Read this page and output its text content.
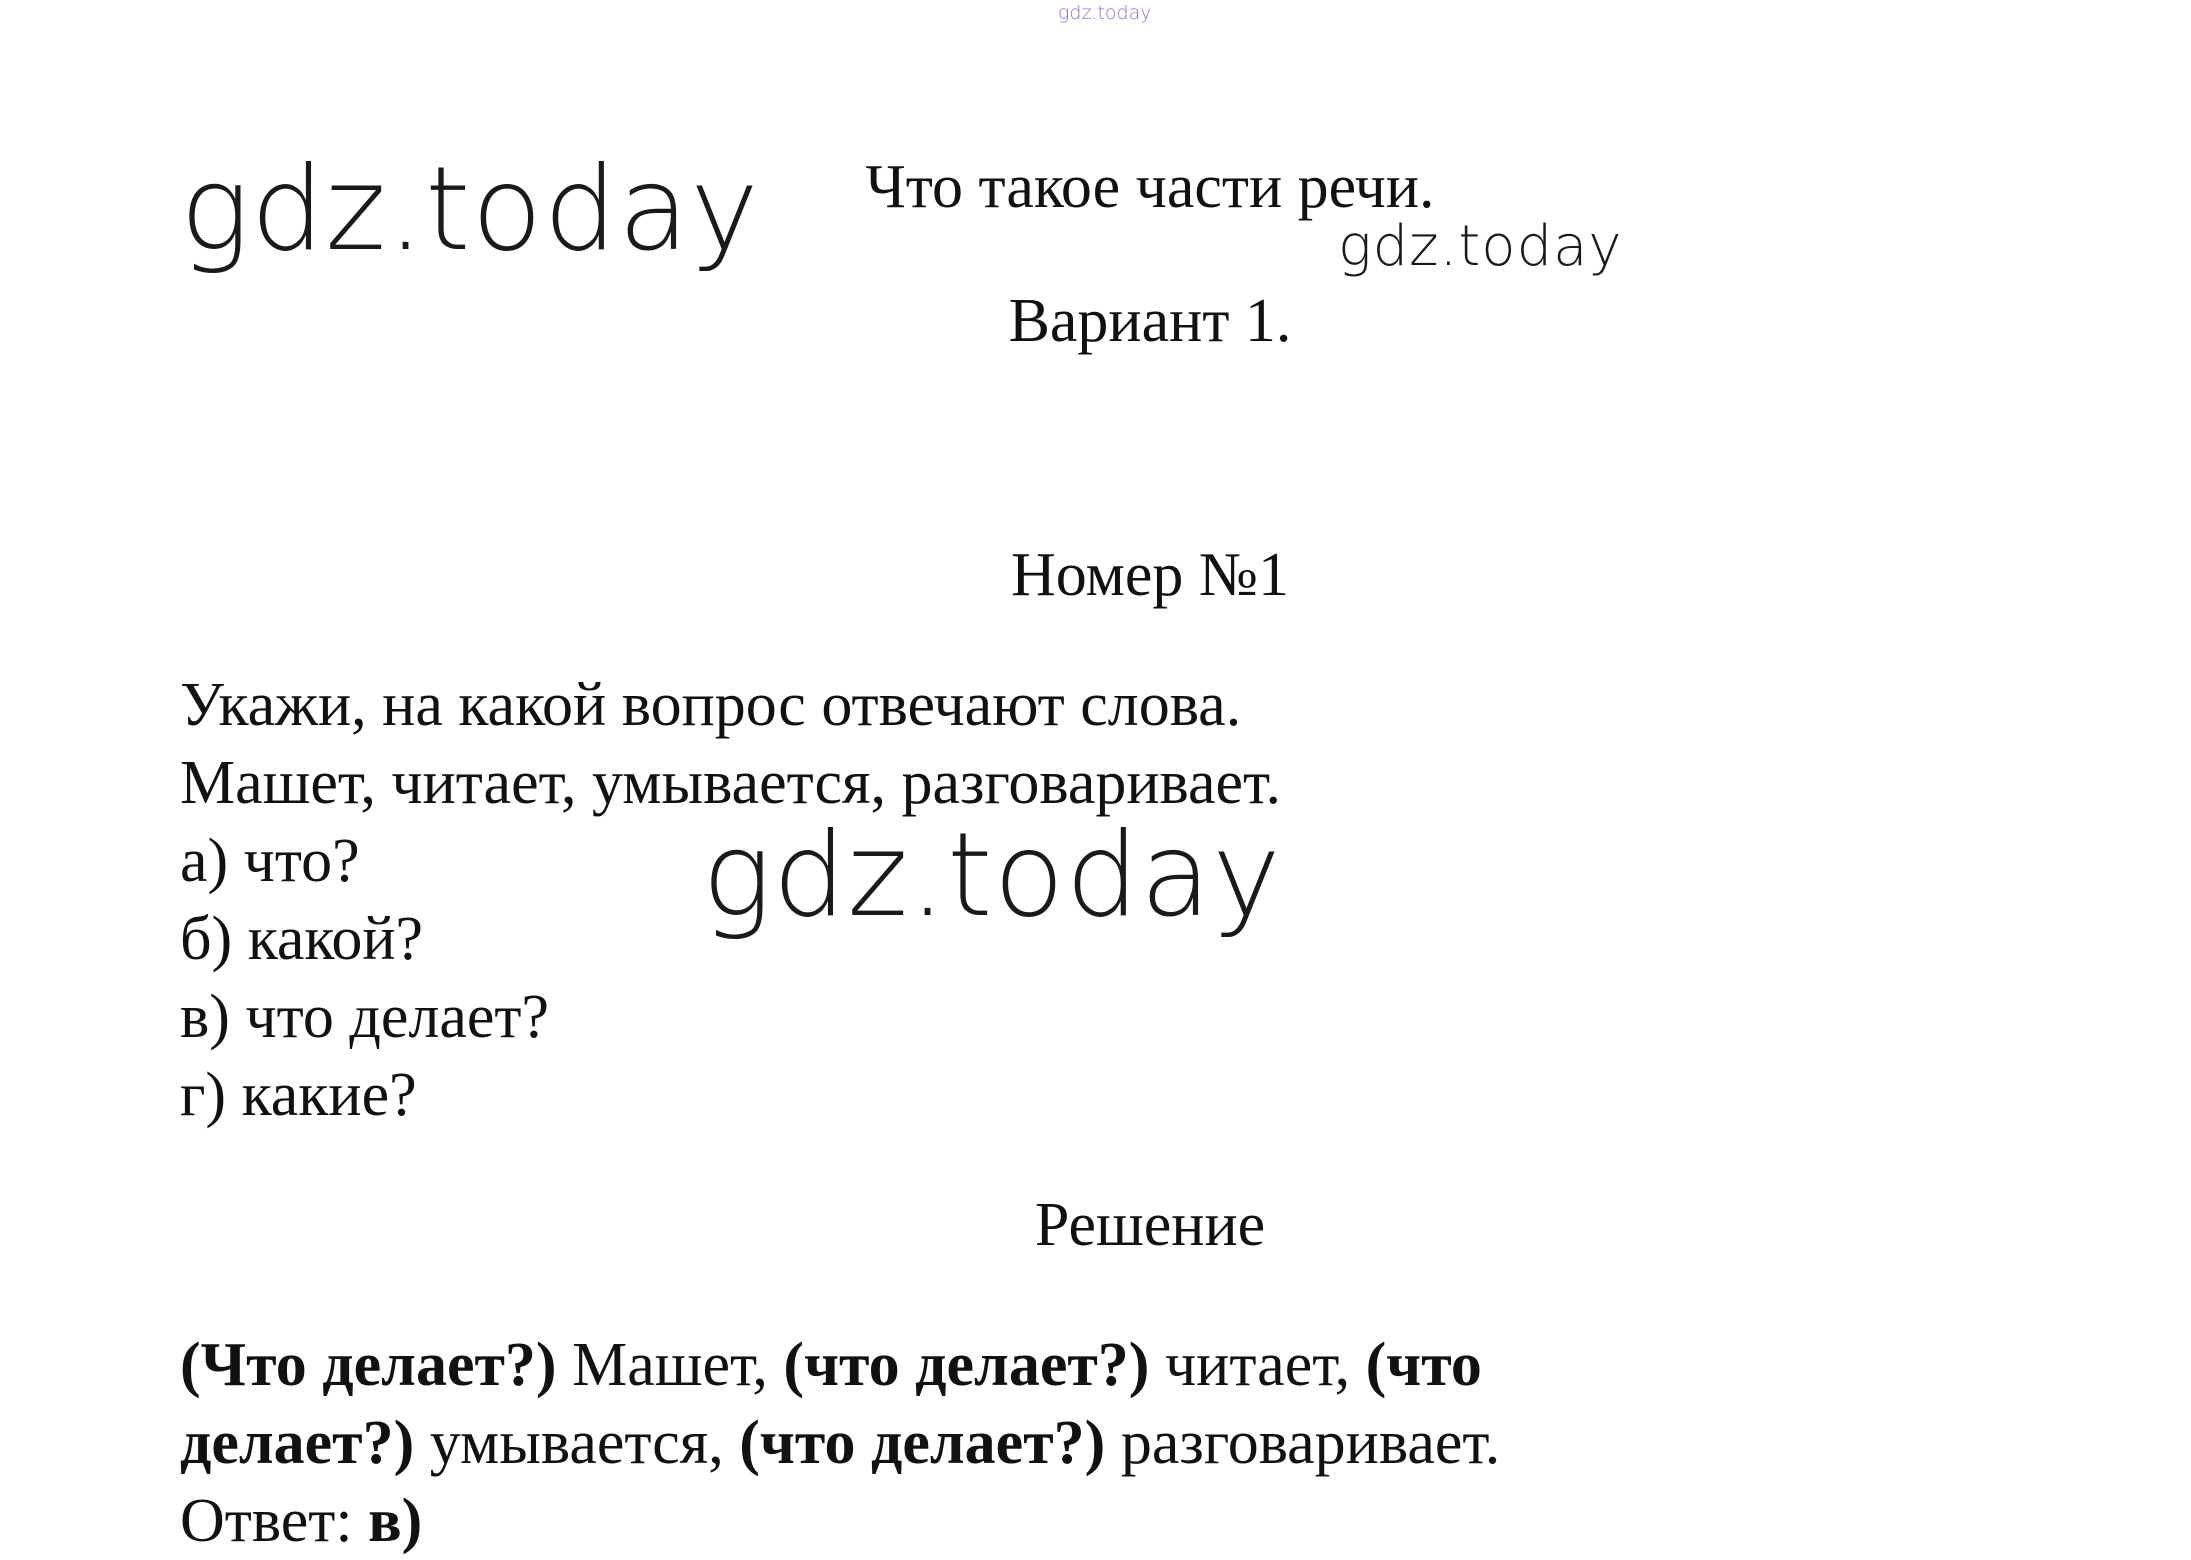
gdz.today
gdz.today	gdz.today
Что такое части речи.
Вариант 1.
Номер №1
Укажи, на какой вопрос отвечают слова.
Машет, читает, умывается, разговаривает.
а) что?
б) какой?
в) что делает?
г) какие?
gdz.today
Решение
(Что делает?) Машет, (что делает?) читает, (что
делает?) умывается, (что делает?) разговаривает.
Ответ: в)
